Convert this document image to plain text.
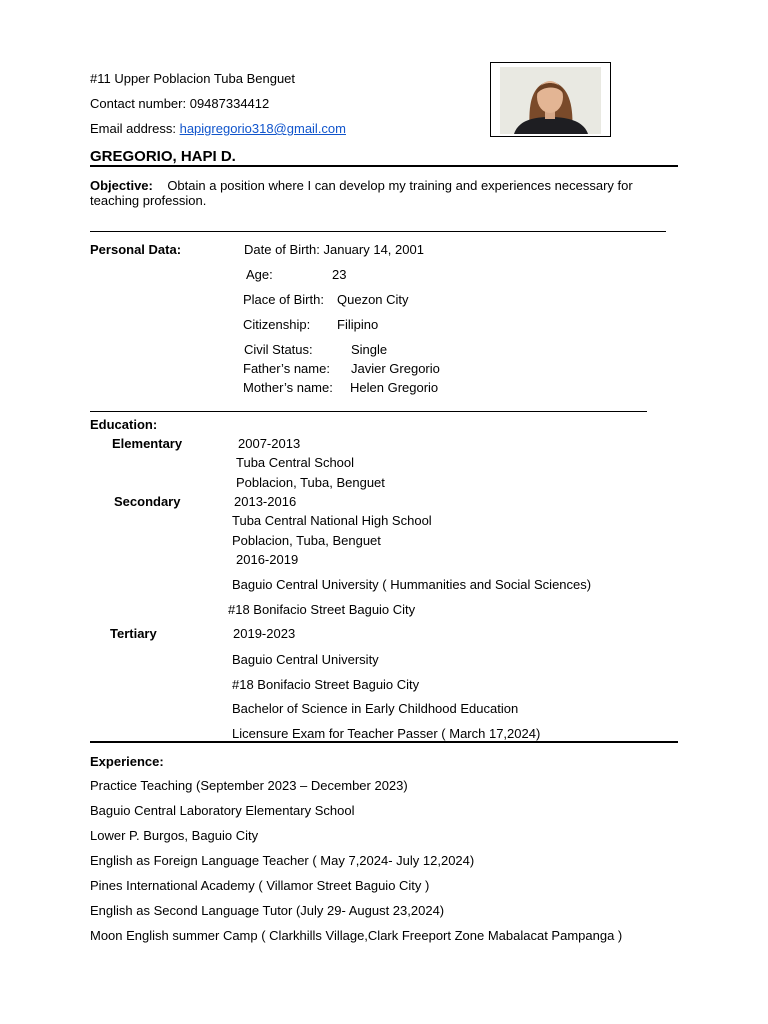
#11 Upper Poblacion Tuba Benguet
Contact number: 09487334412
Email address: hapigregorio318@gmail.com
GREGORIO, HAPI D.
Objective: Obtain a position where I can develop my training and experiences necessary for
teaching profession.
Personal Data:	Date of Birth: January 14, 2001
Age:	23
Place of Birth: Quezon City
Citizenship: Filipino
Civil Status:	Single
Father’s name: Javier Gregorio
Mother’s name: Helen Gregorio
Education:
Elementary	2007-2013
Tuba Central School
Poblacion, Tuba, Benguet
Secondary	2013-2016
Tuba Central National High School
Poblacion, Tuba, Benguet
2016-2019
Baguio Central University ( Hummanities and Social Sciences)
#18 Bonifacio Street Baguio City
Tertiary	2019-2023
Baguio Central University
#18 Bonifacio Street Baguio City
Bachelor of Science in Early Childhood Education
Licensure Exam for Teacher Passer ( March 17,2024)
Experience:
Practice Teaching (September 2023 – December 2023)
Baguio Central Laboratory Elementary School
Lower P. Burgos, Baguio City
English as Foreign Language Teacher ( May 7,2024- July 12,2024)
Pines International Academy ( Villamor Street Baguio City )
English as Second Language Tutor (July 29- August 23,2024)
Moon English summer Camp ( Clarkhills Village,Clark Freeport Zone Mabalacat Pampanga )
